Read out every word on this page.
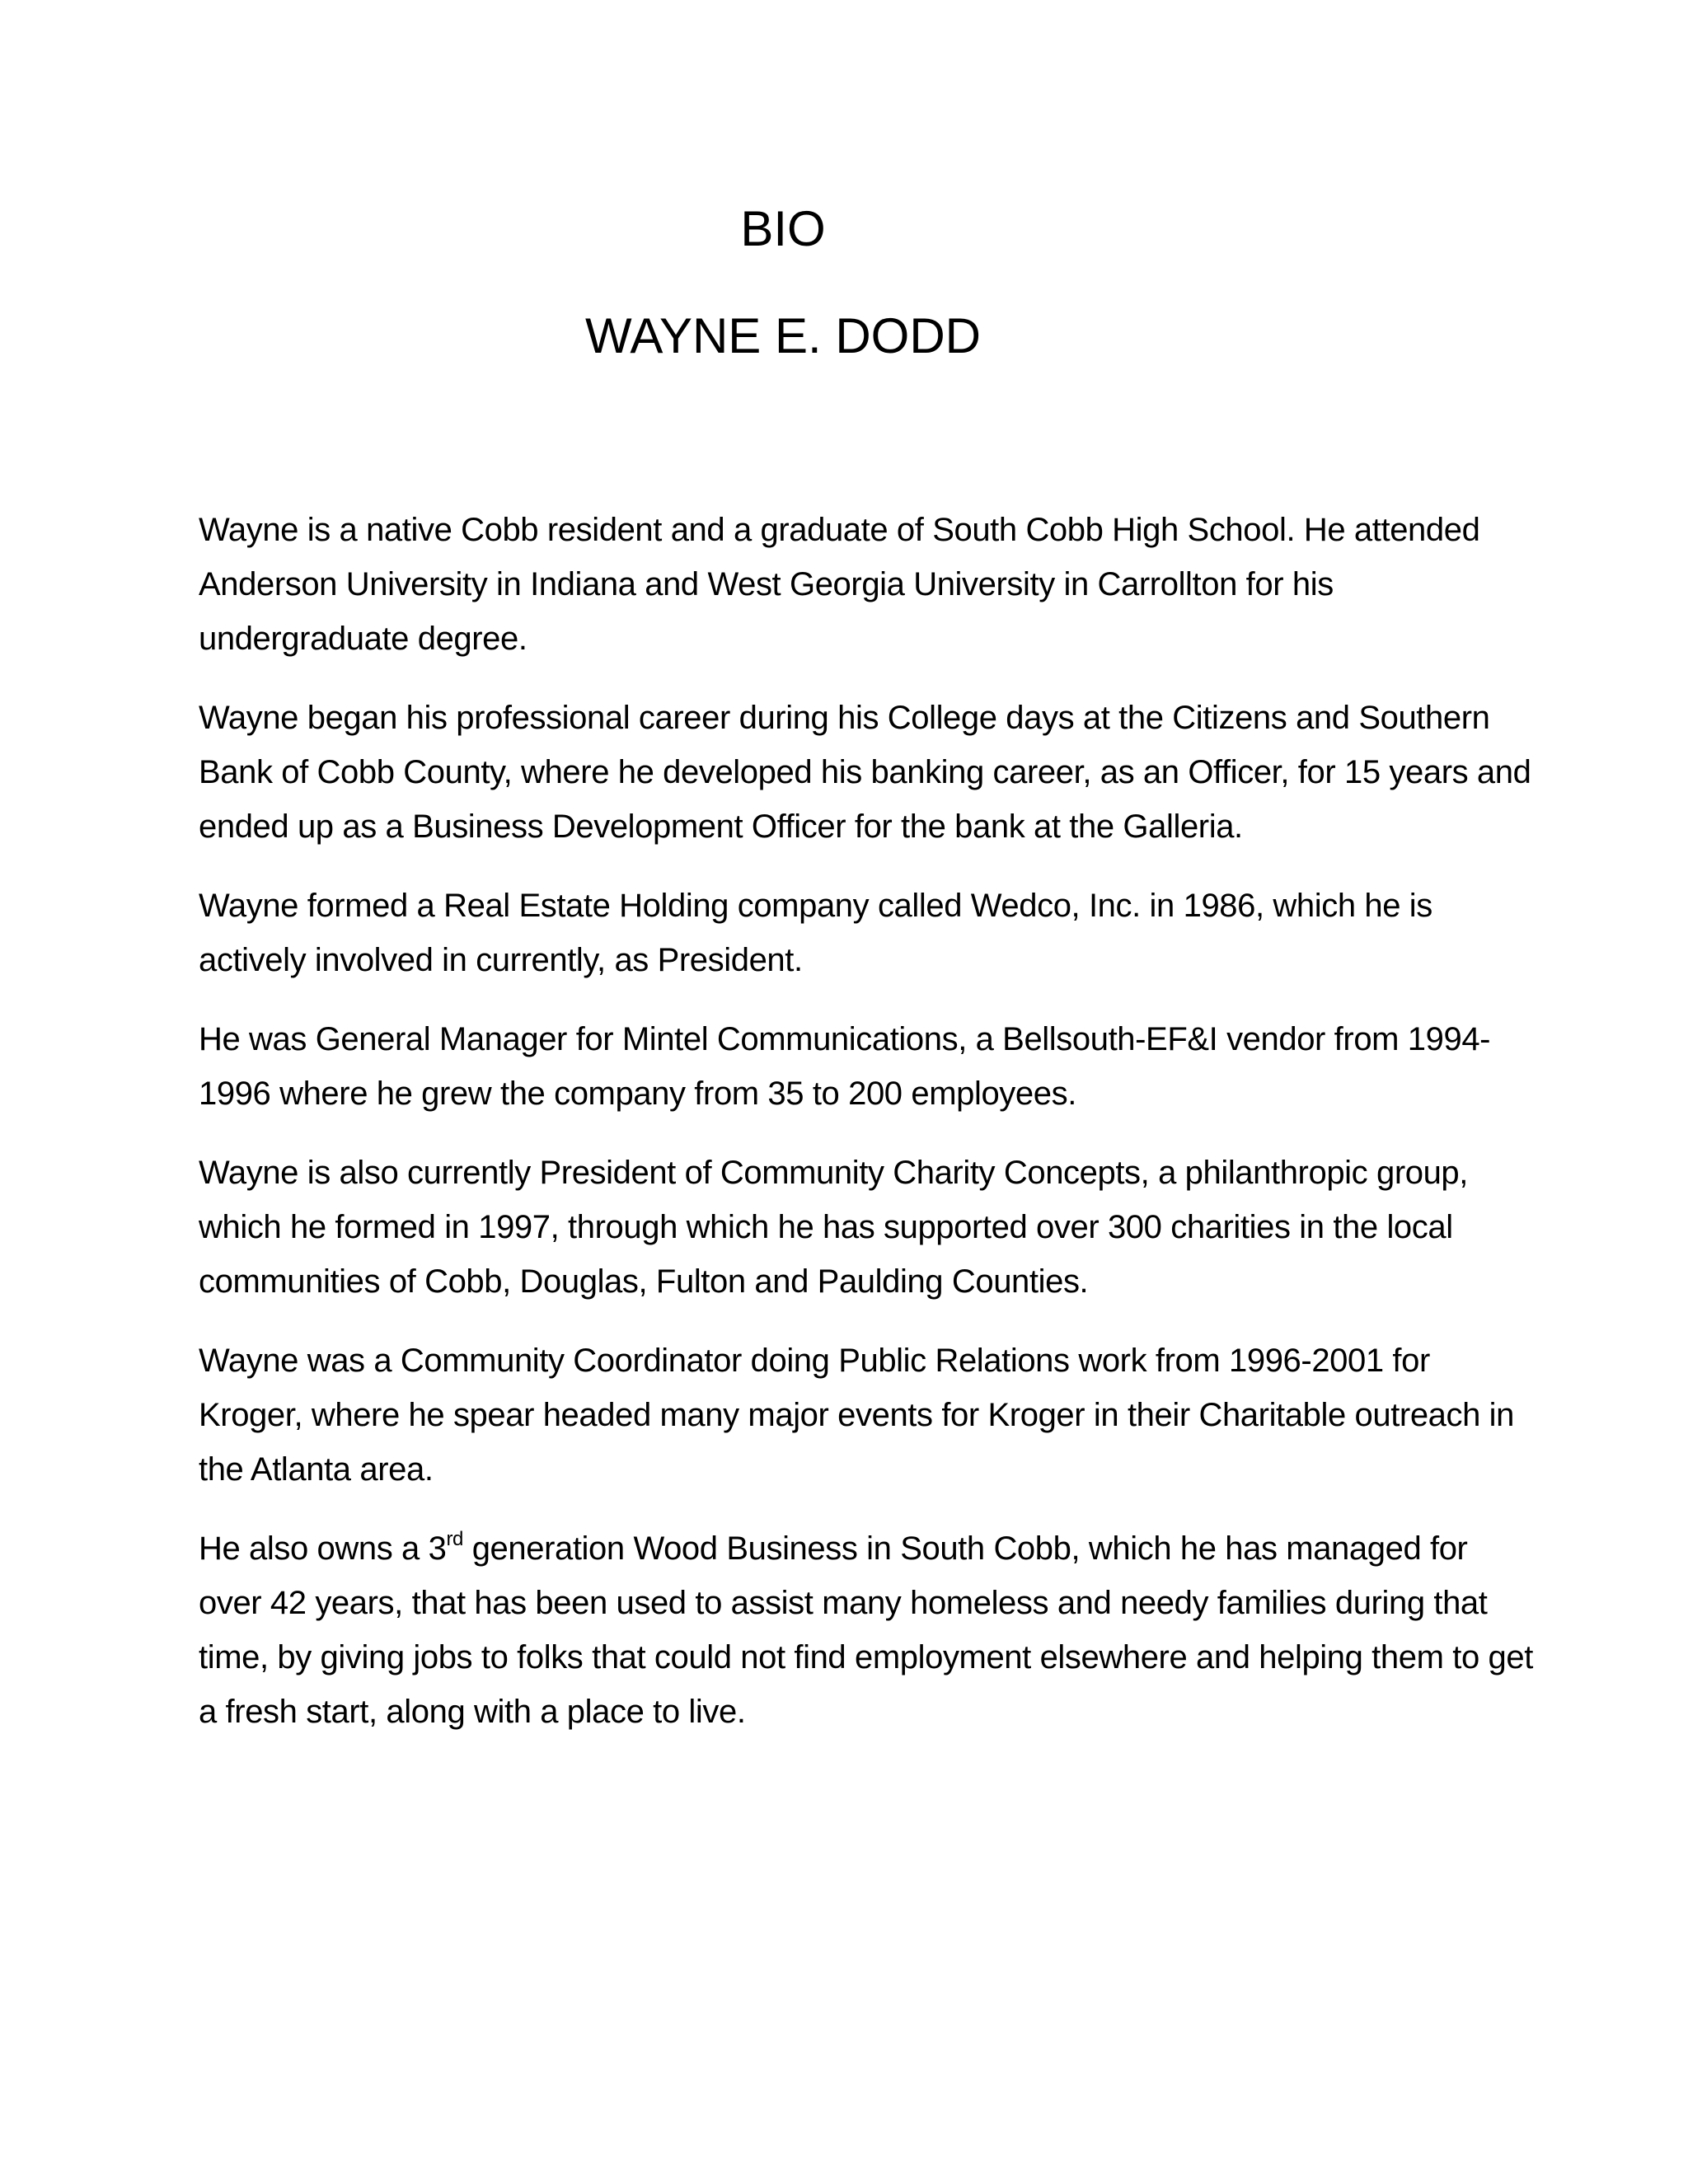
BIO
WAYNE E. DODD

Wayne is a native Cobb resident and a graduate of South Cobb High School. He attended Anderson University in Indiana and West Georgia University in Carrollton for his undergraduate degree.

Wayne began his professional career during his College days at the Citizens and Southern Bank of Cobb County, where he developed his banking career, as an Officer, for 15 years and ended up as a Business Development Officer for the bank at the Galleria.

Wayne formed a Real Estate Holding company called Wedco, Inc. in 1986, which he is actively involved in currently, as President.

He was General Manager for Mintel Communications, a Bellsouth-EF&I vendor from 1994-1996 where he grew the company from 35 to 200 employees.

Wayne is also currently President of Community Charity Concepts, a philanthropic group, which he formed in 1997, through which he has supported over 300 charities in the local communities of Cobb, Douglas, Fulton and Paulding Counties.

Wayne was a Community Coordinator doing Public Relations work from 1996-2001 for Kroger, where he spear headed many major events for Kroger in their Charitable outreach in the Atlanta area.

He also owns a 3rd generation Wood Business in South Cobb, which he has managed for over 42 years, that has been used to assist many homeless and needy families during that time, by giving jobs to folks that could not find employment elsewhere and helping them to get a fresh start, along with a place to live.
